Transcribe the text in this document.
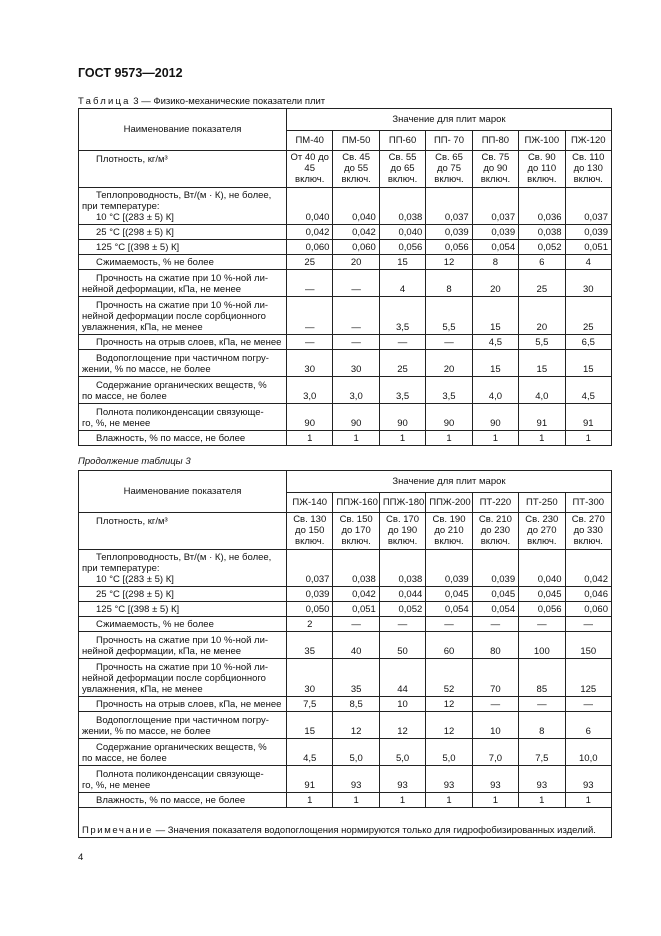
ГОСТ 9573—2012
Таблица 3 — Физико-механические показатели плит
Наименование показателя	Значение для плит марок						
	ПМ-40	ПМ-50	ПП-60	ПП- 70	ПП-80	ПЖ-100	ПЖ-120

Плотность, кг/м³	От 40 до 45 включ.	Св. 45 до 55 включ.	Св. 55 до 65 включ.	Св. 65 до 75 включ.	Св. 75 до 90 включ.	Св. 90 до 110 включ.	Св. 110 до 130 включ.

Теплопроводность, Вт/(м · К), не более,
при температуре:
10 °С [(283 ± 5) К]	0,040	0,040	0,038	0,037	0,037	0,036	0,037

25 °С [(298 ± 5) К]	0,042	0,042	0,040	0,039	0,039	0,038	0,039

125 °С [(398 ± 5) К]	0,060	0,060	0,056	0,056	0,054	0,052	0,051

Сжимаемость, % не более	25	20	15	12	8	6	4

Прочность на сжатие при 10 %-ной ли-
нейной деформации, кПа, не менее	—	—	4	8	20	25	30

Прочность на сжатие при 10 %-ной ли-
нейной деформации после сорбционного
увлажнения, кПа, не менее	—	—	3,5	5,5	15	20	25

Прочность на отрыв слоев, кПа, не менее	—	—	—	—	4,5	5,5	6,5

Водопоглощение при частичном погру-
жении, % по массе, не более	30	30	25	20	15	15	15

Содержание органических веществ, %
по массе, не более	3,0	3,0	3,5	3,5	4,0	4,0	4,5

Полнота поликонденсации связующе-
го, %, не менее	90	90	90	90	90	91	91

Влажность, % по массе, не более	1	1	1	1	1	1	1
Продолжение таблицы 3
Наименование показателя	Значение для плит марок						
	ПЖ-140	ППЖ-160	ППЖ-180	ППЖ-200	ПТ-220	ПТ-250	ПТ-300

Плотность, кг/м³	Св. 130 до 150 включ.	Св. 150 до 170 включ.	Св. 170 до 190 включ.	Св. 190 до 210 включ.	Св. 210 до 230 включ.	Св. 230 до 270 включ.	Св. 270 до 330 включ.

Теплопроводность, Вт/(м · К), не более,
при температуре:
10 °С [(283 ± 5) К]	0,037	0,038	0,038	0,039	0,039	0,040	0,042

25 °С [(298 ± 5) К]	0,039	0,042	0,044	0,045	0,045	0,045	0,046

125 °С [(398 ± 5) К]	0,050	0,051	0,052	0,054	0,054	0,056	0,060

Сжимаемость, % не более	2	—	—	—	—	—	—

Прочность на сжатие при 10 %-ной ли-
нейной деформации, кПа, не менее	35	40	50	60	80	100	150

Прочность на сжатие при 10 %-ной ли-
нейной деформации после сорбционного
увлажнения, кПа, не менее	30	35	44	52	70	85	125

Прочность на отрыв слоев, кПа, не менее	7,5	8,5	10	12	—	—	—

Водопоглощение при частичном погру-
жении, % по массе, не более	15	12	12	12	10	8	6

Содержание органических веществ, %
по массе, не более	4,5	5,0	5,0	5,0	7,0	7,5	10,0

Полнота поликонденсации связующе-
го, %, не менее	91	93	93	93	93	93	93

Влажность, % по массе, не более	1	1	1	1	1	1	1
Примечание — Значения показателя водопоглощения нормируются только для гидрофобизированных изделий.							
4
